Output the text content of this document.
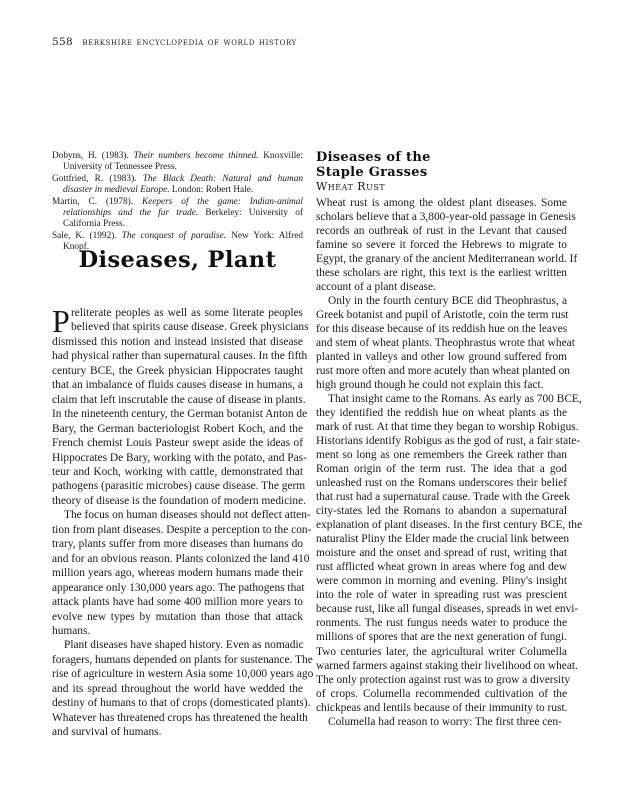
558 berkshire encyclopedia of world history
Dobyns, H. (1983). Their numbers become thinned. Knoxville: University of Tennessee Press.
Gottfried, R. (1983). The Black Death: Natural and human disaster in medieval Europe. London: Robert Hale.
Martin, C. (1978). Keepers of the game: Indian-animal relationships and the fur trade. Berkeley: University of California Press.
Sale, K. (1992). The conquest of paradise. New York: Alfred Knopf.
Diseases, Plant
P reliterate peoples as well as some literate peoples
believed that spirits cause disease. Greek physicians
dismissed this notion and instead insisted that disease
had physical rather than supernatural causes. In the fifth
century BCE, the Greek physician Hippocrates taught
that an imbalance of fluids causes disease in humans, a
claim that left inscrutable the cause of disease in plants.
In the nineteenth century, the German botanist Anton de
Bary, the German bacteriologist Robert Koch, and the
French chemist Louis Pasteur swept aside the ideas of
Hippocrates De Bary, working with the potato, and Pas-
teur and Koch, working with cattle, demonstrated that
pathogens (parasitic microbes) cause disease. The germ
theory of disease is the foundation of modern medicine.
The focus on human diseases should not deflect atten-
tion from plant diseases. Despite a perception to the con-
trary, plants suffer from more diseases than humans do
and for an obvious reason. Plants colonized the land 410
million years ago, whereas modern humans made their
appearance only 130,000 years ago. The pathogens that
attack plants have had some 400 million more years to
evolve new types by mutation than those that attack
humans.
Plant diseases have shaped history. Even as nomadic
foragers, humans depended on plants for sustenance. The
rise of agriculture in western Asia some 10,000 years ago
and its spread throughout the world have wedded the
destiny of humans to that of crops (domesticated plants).
Whatever has threatened crops has threatened the health
and survival of humans.
Diseases of the
Staple Grasses
Wheat Rust
Wheat rust is among the oldest plant diseases. Some
scholars believe that a 3,800-year-old passage in Genesis
records an outbreak of rust in the Levant that caused
famine so severe it forced the Hebrews to migrate to
Egypt, the granary of the ancient Mediterranean world. If
these scholars are right, this text is the earliest written
account of a plant disease.
Only in the fourth century BCE did Theophrastus, a
Greek botanist and pupil of Aristotle, coin the term rust
for this disease because of its reddish hue on the leaves
and stem of wheat plants. Theophrastus wrote that wheat
planted in valleys and other low ground suffered from
rust more often and more acutely than wheat planted on
high ground though he could not explain this fact.
That insight came to the Romans. As early as 700 BCE,
they identified the reddish hue on wheat plants as the
mark of rust. At that time they began to worship Robigus.
Historians identify Robigus as the god of rust, a fair state-
ment so long as one remembers the Greek rather than
Roman origin of the term rust. The idea that a god
unleashed rust on the Romans underscores their belief
that rust had a supernatural cause. Trade with the Greek
city-states led the Romans to abandon a supernatural
explanation of plant diseases. In the first century BCE, the
naturalist Pliny the Elder made the crucial link between
moisture and the onset and spread of rust, writing that
rust afflicted wheat grown in areas where fog and dew
were common in morning and evening. Pliny's insight
into the role of water in spreading rust was prescient
because rust, like all fungal diseases, spreads in wet envi-
ronments. The rust fungus needs water to produce the
millions of spores that are the next generation of fungi.
Two centuries later, the agricultural writer Columella
warned farmers against staking their livelihood on wheat.
The only protection against rust was to grow a diversity
of crops. Columella recommended cultivation of the
chickpeas and lentils because of their immunity to rust.
Columella had reason to worry: The first three cen-
